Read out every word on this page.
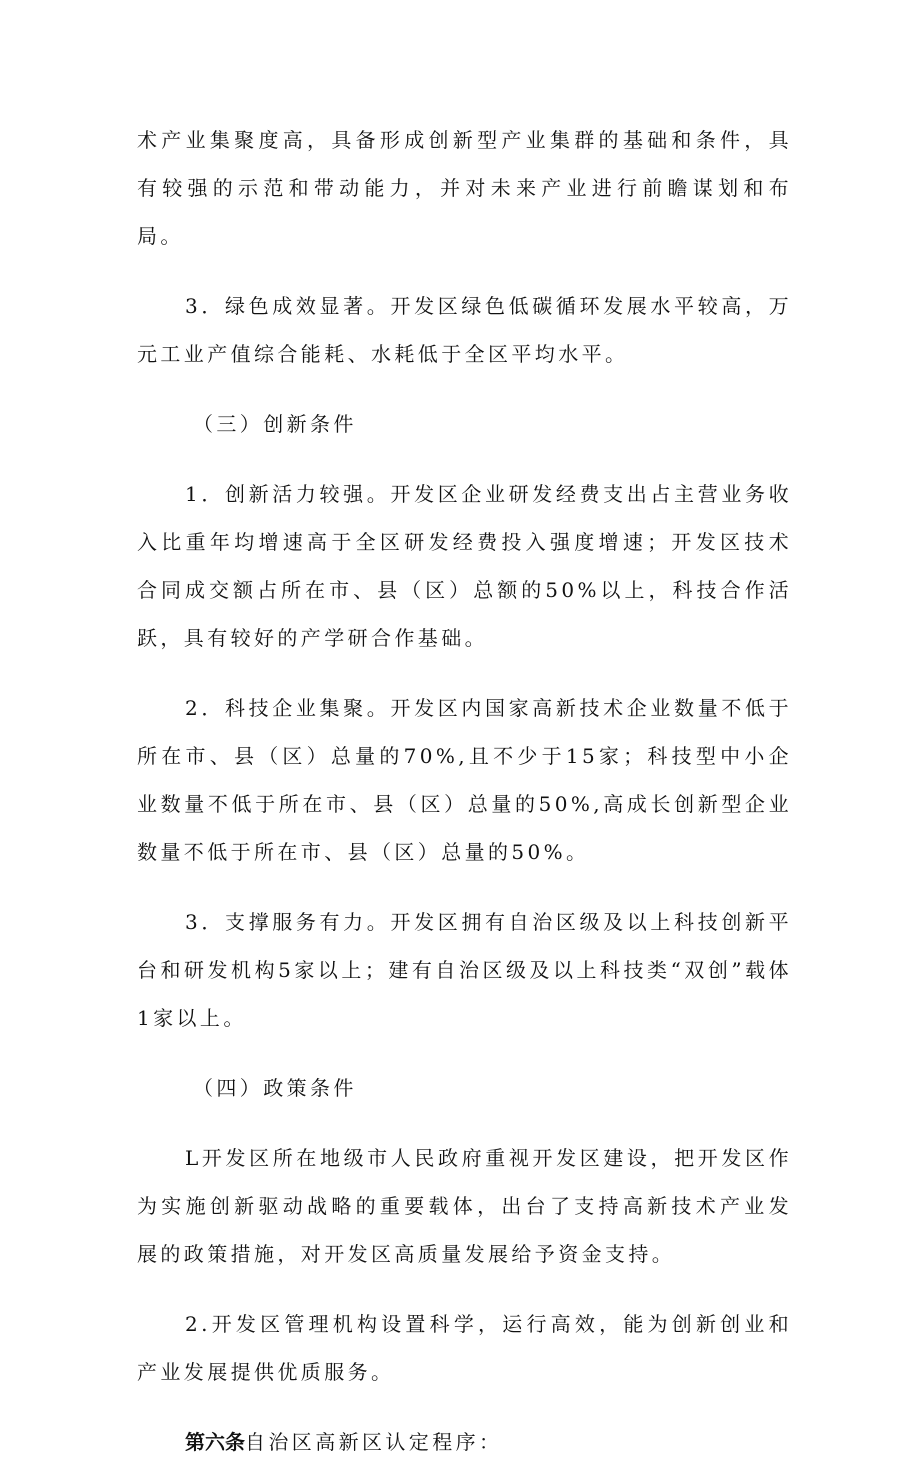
术产业集聚度高，具备形成创新型产业集群的基础和条件，具有较强的示范和带动能力，并对未来产业进行前瞻谋划和布局。

3．绿色成效显著。开发区绿色低碳循环发展水平较高，万元工业产值综合能耗、水耗低于全区平均水平。

（三）创新条件

1．创新活力较强。开发区企业研发经费支出占主营业务收入比重年均增速高于全区研发经费投入强度增速；开发区技术合同成交额占所在市、县（区）总额的50%以上，科技合作活跃，具有较好的产学研合作基础。

2．科技企业集聚。开发区内国家高新技术企业数量不低于所在市、县（区）总量的70%,且不少于15家；科技型中小企业数量不低于所在市、县（区）总量的50%,高成长创新型企业数量不低于所在市、县（区）总量的50%。

3．支撑服务有力。开发区拥有自治区级及以上科技创新平台和研发机构5家以上；建有自治区级及以上科技类“双创”载体1家以上。

（四）政策条件

L开发区所在地级市人民政府重视开发区建设，把开发区作为实施创新驱动战略的重要载体，出台了支持高新技术产业发展的政策措施，对开发区高质量发展给予资金支持。

2.开发区管理机构设置科学，运行高效，能为创新创业和产业发展提供优质服务。

第六条自治区高新区认定程序：
